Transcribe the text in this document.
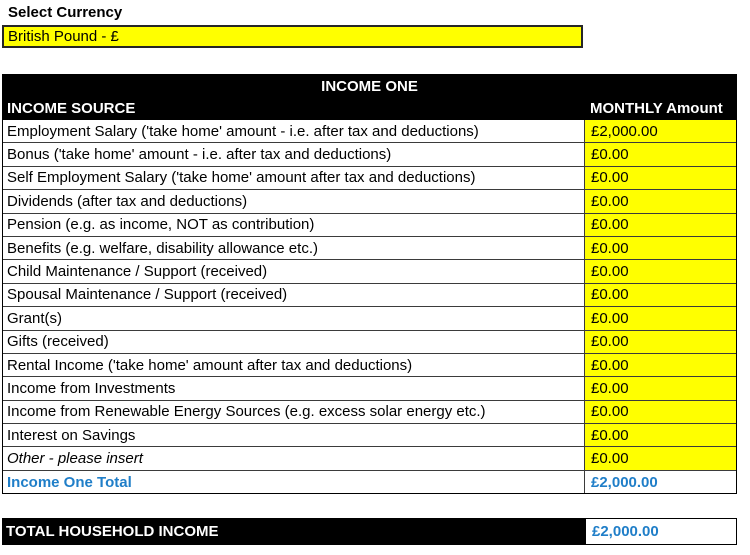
Select Currency
British Pound - £
INCOME ONE
INCOME SOURCE	MONTHLY Amount
Employment Salary ('take home' amount - i.e. after tax and deductions)	£2,000.00
Bonus ('take home' amount - i.e. after tax and deductions)	£0.00
Self Employment Salary ('take home' amount after tax and deductions)	£0.00
Dividends (after tax and deductions)	£0.00
Pension (e.g. as income, NOT as contribution)	£0.00
Benefits (e.g. welfare, disability allowance etc.)	£0.00
Child Maintenance / Support (received)	£0.00
Spousal Maintenance / Support (received)	£0.00
Grant(s)	£0.00
Gifts (received)	£0.00
Rental Income ('take home' amount after tax and deductions)	£0.00
Income from Investments	£0.00
Income from Renewable Energy Sources (e.g. excess solar energy etc.)	£0.00
Interest on Savings	£0.00
Other - please insert	£0.00
Income One Total	£2,000.00
TOTAL HOUSEHOLD INCOME	£2,000.00
